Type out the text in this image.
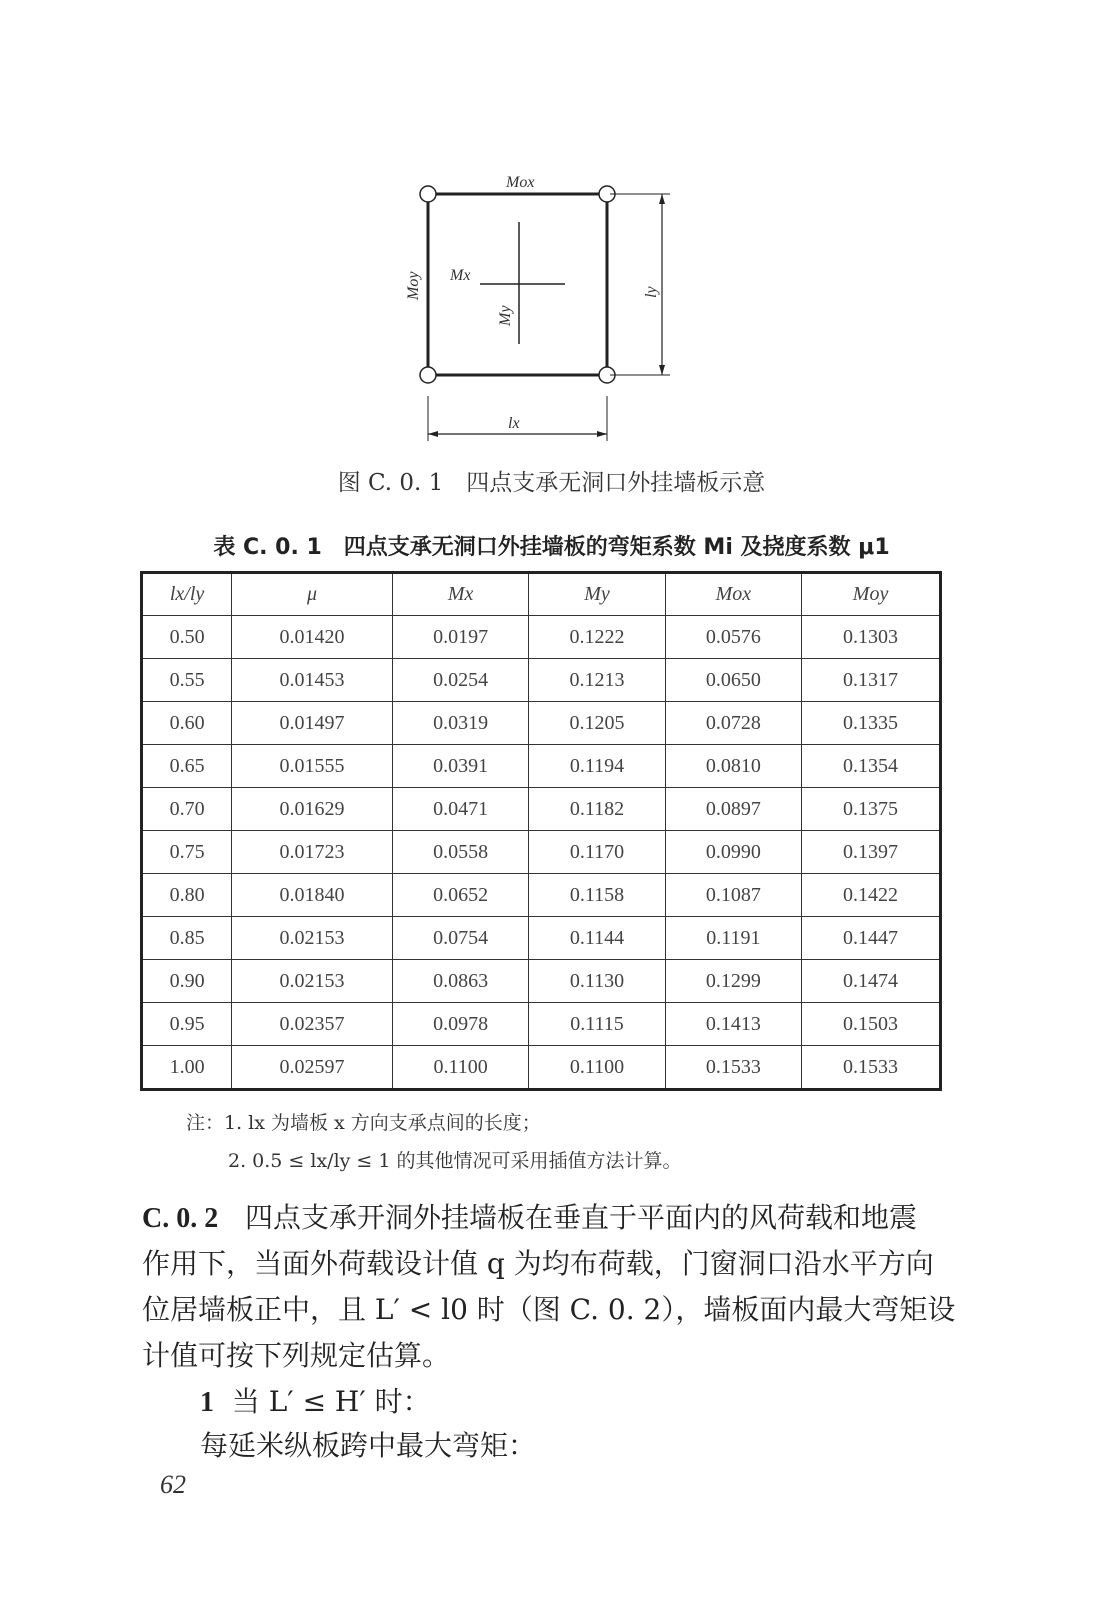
Mox
Moy Mx
My
ly
lx
图 C. 0. 1　四点支承无洞口外挂墙板示意
表 C. 0. 1　四点支承无洞口外挂墙板的弯矩系数 Mi 及挠度系数 μ1
lx/ly	μ	Mx	My	Mox	Moy
0.50	0.01420	0.0197	0.1222	0.0576	0.1303
0.55	0.01453	0.0254	0.1213	0.0650	0.1317
0.60	0.01497	0.0319	0.1205	0.0728	0.1335
0.65	0.01555	0.0391	0.1194	0.0810	0.1354
0.70	0.01629	0.0471	0.1182	0.0897	0.1375
0.75	0.01723	0.0558	0.1170	0.0990	0.1397
0.80	0.01840	0.0652	0.1158	0.1087	0.1422
0.85	0.02153	0.0754	0.1144	0.1191	0.1447
0.90	0.02153	0.0863	0.1130	0.1299	0.1474
0.95	0.02357	0.0978	0.1115	0.1413	0.1503
1.00	0.02597	0.1100	0.1100	0.1533	0.1533
注：1. lx 为墙板 x 方向支承点间的长度；
2. 0.5 ≤ lx/ly ≤ 1 的其他情况可采用插值方法计算。
C. 0. 2 四点支承开洞外挂墙板在垂直于平面内的风荷载和地震
作用下，当面外荷载设计值 q 为均布荷载，门窗洞口沿水平方向
位居墙板正中，且 L′ < l0 时（图 C. 0. 2），墙板面内最大弯矩设
计值可按下列规定估算。
1 当 L′ ≤ H′ 时：
每延米纵板跨中最大弯矩：
62
